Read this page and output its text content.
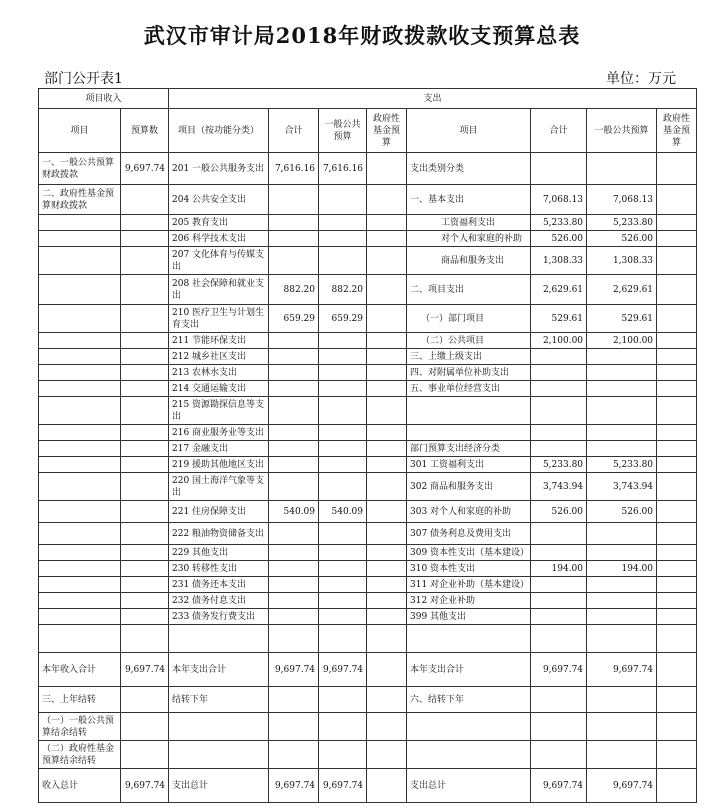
武汉市审计局2018年财政拨款收支预算总表
部门公开表1	单位：万元
项目收入		支出							
项目	预算数	项目（按功能分类）	合计	一般公共预算	政府性基金预算	项目	合计	一般公共预算	政府性基金预算
一、一般公共预算财政拨款	9,697.74	201 一般公共服务支出	7,616.16	7,616.16		支出类别分类			
二、政府性基金预算财政拨款		204 公共安全支出				一、基本支出	7,068.13	7,068.13	
		205 教育支出				工资福利支出	5,233.80	5,233.80	
		206 科学技术支出				对个人和家庭的补助	526.00	526.00	
		207 文化体育与传媒支出				商品和服务支出	1,308.33	1,308.33	
		208 社会保障和就业支出	882.20	882.20		二、项目支出	2,629.61	2,629.61	
		210 医疗卫生与计划生育支出	659.29	659.29		（一）部门项目	529.61	529.61	
		211 节能环保支出				（二）公共项目	2,100.00	2,100.00	
		212 城乡社区支出				三、上缴上级支出			
		213 农林水支出				四、对附属单位补助支出			
		214 交通运输支出				五、事业单位经营支出			
		215 资源勘探信息等支出							
		216 商业服务业等支出							
		217 金融支出				部门预算支出经济分类			
		219 援助其他地区支出				301 工资福利支出	5,233.80	5,233.80	
		220 国土海洋气象等支出				302 商品和服务支出	3,743.94	3,743.94	
		221 住房保障支出	540.09	540.09		303 对个人和家庭的补助	526.00	526.00	
		222 粮油物资储备支出				307 债务利息及费用支出			
		229 其他支出				309 资本性支出（基本建设）			
		230 转移性支出				310 资本性支出	194.00	194.00	
		231 债务还本支出				311 对企业补助（基本建设）			
		232 债务付息支出				312 对企业补助			
		233 债务发行费支出				399 其他支出			

本年收入合计	9,697.74	本年支出合计	9,697.74	9,697.74		本年支出合计	9,697.74	9,697.74	
三、上年结转		结转下年				六、结转下年			
（一）一般公共预算结余结转									
（二）政府性基金预算结余结转									
收入总计	9,697.74	支出总计	9,697.74	9,697.74		支出总计	9,697.74	9,697.74	
